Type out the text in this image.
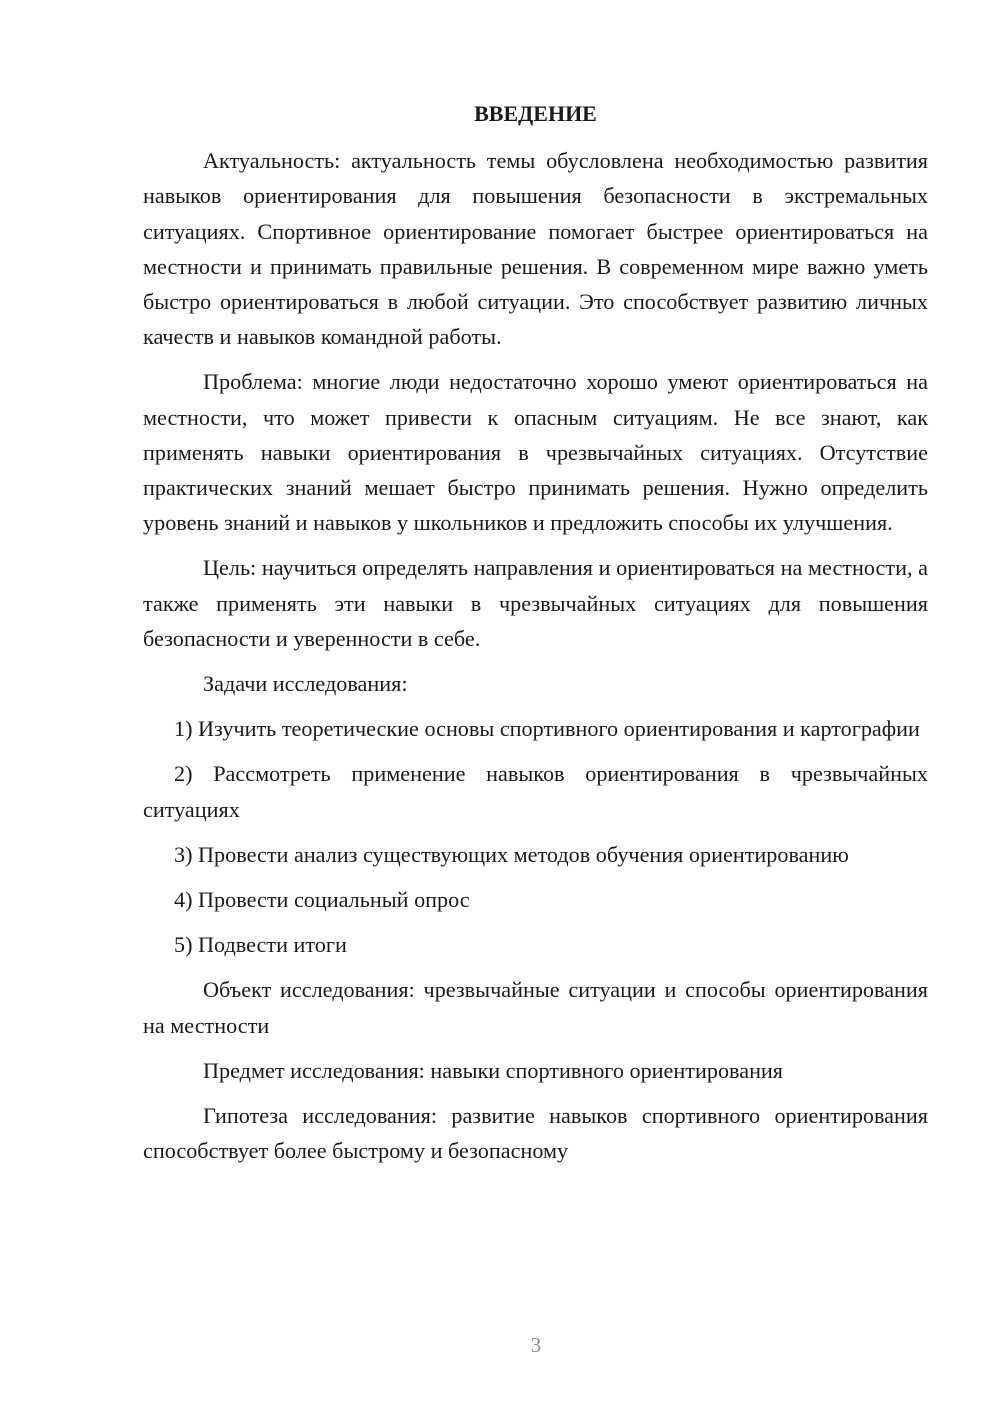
ВВЕДЕНИЕ

Актуальность: актуальность темы обусловлена необходимостью развития навыков ориентирования для повышения безопасности в экстремальных ситуациях. Спортивное ориентирование помогает быстрее ориентироваться на местности и принимать правильные решения. В современном мире важно уметь быстро ориентироваться в любой ситуации. Это способствует развитию личных качеств и навыков командной работы.

Проблема: многие люди недостаточно хорошо умеют ориентироваться на местности, что может привести к опасным ситуациям. Не все знают, как применять навыки ориентирования в чрезвычайных ситуациях. Отсутствие практических знаний мешает быстро принимать решения. Нужно определить уровень знаний и навыков у школьников и предложить способы их улучшения.

Цель: научиться определять направления и ориентироваться на местности, а также применять эти навыки в чрезвычайных ситуациях для повышения безопасности и уверенности в себе.

Задачи исследования:

1) Изучить теоретические основы спортивного ориентирования и картографии

2) Рассмотреть применение навыков ориентирования в чрезвычайных ситуациях

3) Провести анализ существующих методов обучения ориентированию

4) Провести социальный опрос

5) Подвести итоги

Объект исследования: чрезвычайные ситуации и способы ориентирования на местности

Предмет исследования: навыки спортивного ориентирования

Гипотеза исследования: развитие навыков спортивного ориентирования способствует более быстрому и безопасному

3
